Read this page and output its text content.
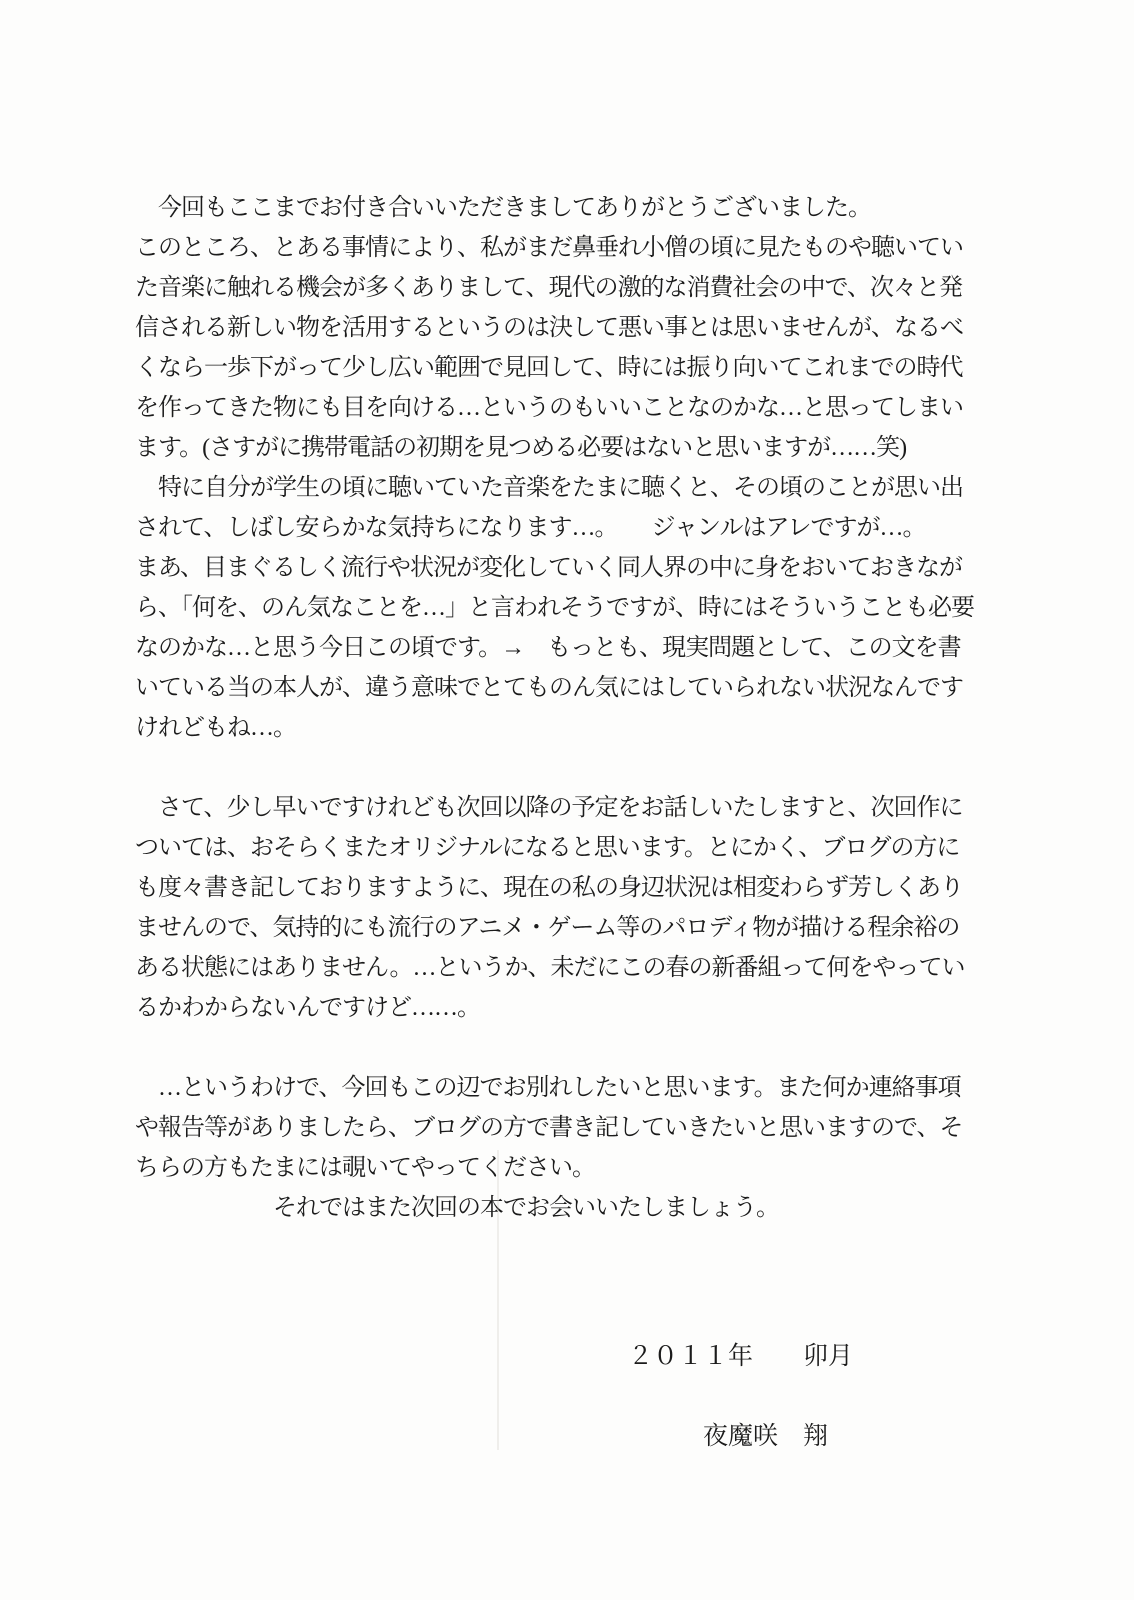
　今回もここまでお付き合いいただきましてありがとうございました。
このところ、とある事情により、私がまだ鼻垂れ小僧の頃に見たものや聴いてい
た音楽に触れる機会が多くありまして、現代の激的な消費社会の中で、次々と発
信される新しい物を活用するというのは決して悪い事とは思いませんが、なるべ
くなら一歩下がって少し広い範囲で見回して、時には振り向いてこれまでの時代
を作ってきた物にも目を向ける…というのもいいことなのかな…と思ってしまい
ます。(さすがに携帯電話の初期を見つめる必要はないと思いますが……笑)
　特に自分が学生の頃に聴いていた音楽をたまに聴くと、その頃のことが思い出
されて、しばし安らかな気持ちになります…。　　ジャンルはアレですが…。
まあ、目まぐるしく流行や状況が変化していく同人界の中に身をおいておきなが
ら、「何を、のん気なことを…」と言われそうですが、時にはそういうことも必要
なのかな…と思う今日この頃です。→　もっとも、現実問題として、この文を書
いている当の本人が、違う意味でとてものん気にはしていられない状況なんです
けれどもね…。
　さて、少し早いですけれども次回以降の予定をお話しいたしますと、次回作に
ついては、おそらくまたオリジナルになると思います。とにかく、ブログの方に
も度々書き記しておりますように、現在の私の身辺状況は相変わらず芳しくあり
ませんので、気持的にも流行のアニメ・ゲーム等のパロディ物が描ける程余裕の
ある状態にはありません。…というか、未だにこの春の新番組って何をやってい
るかわからないんですけど……。
　…というわけで、今回もこの辺でお別れしたいと思います。また何か連絡事項
や報告等がありましたら、ブログの方で書き記していきたいと思いますので、そ
ちらの方もたまには覗いてやってください。
　　　　　　それではまた次回の本でお会いいたしましょう。
２０１１年　　卯月
夜魔咲　翔
